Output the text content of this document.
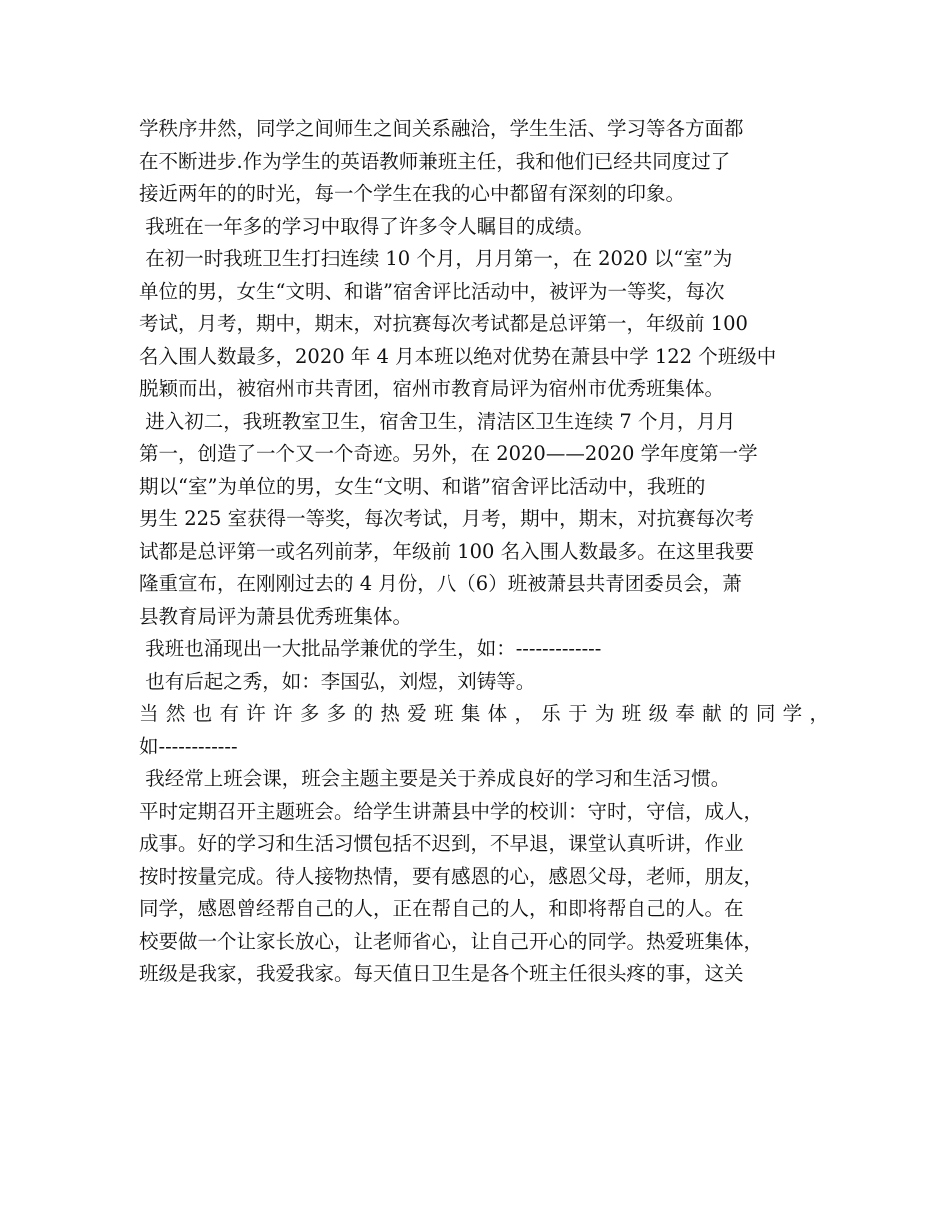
学秩序井然，同学之间师生之间关系融洽，学生生活、学习等各方面都
在不断进步.作为学生的英语教师兼班主任，我和他们已经共同度过了
接近两年的的时光，每一个学生在我的心中都留有深刻的印象。
我班在一年多的学习中取得了许多令人瞩目的成绩。
在初一时我班卫生打扫连续 10 个月，月月第一，在 2020 以“室”为
单位的男，女生“文明、和谐”宿舍评比活动中，被评为一等奖，每次
考试，月考，期中，期末，对抗赛每次考试都是总评第一，年级前 100
名入围人数最多，2020 年 4 月本班以绝对优势在萧县中学 122 个班级中
脱颖而出，被宿州市共青团，宿州市教育局评为宿州市优秀班集体。
进入初二，我班教室卫生，宿舍卫生，清洁区卫生连续 7 个月，月月
第一，创造了一个又一个奇迹。另外，在 2020——2020 学年度第一学
期以“室”为单位的男，女生“文明、和谐”宿舍评比活动中，我班的
男生 225 室获得一等奖，每次考试，月考，期中，期末，对抗赛每次考
试都是总评第一或名列前茅，年级前 100 名入围人数最多。在这里我要
隆重宣布，在刚刚过去的 4 月份，八（6）班被萧县共青团委员会，萧
县教育局评为萧县优秀班集体。
我班也涌现出一大批品学兼优的学生，如：-------------
也有后起之秀，如：李国弘，刘煜，刘铸等。
当然也有许许多多的热爱班集体，乐于为班级奉献的同学，
如------------
我经常上班会课，班会主题主要是关于养成良好的学习和生活习惯。
平时定期召开主题班会。给学生讲萧县中学的校训：守时，守信，成人，
成事。好的学习和生活习惯包括不迟到，不早退，课堂认真听讲，作业
按时按量完成。待人接物热情，要有感恩的心，感恩父母，老师，朋友，
同学，感恩曾经帮自己的人，正在帮自己的人，和即将帮自己的人。在
校要做一个让家长放心，让老师省心，让自己开心的同学。热爱班集体，
班级是我家，我爱我家。每天值日卫生是各个班主任很头疼的事，这关
